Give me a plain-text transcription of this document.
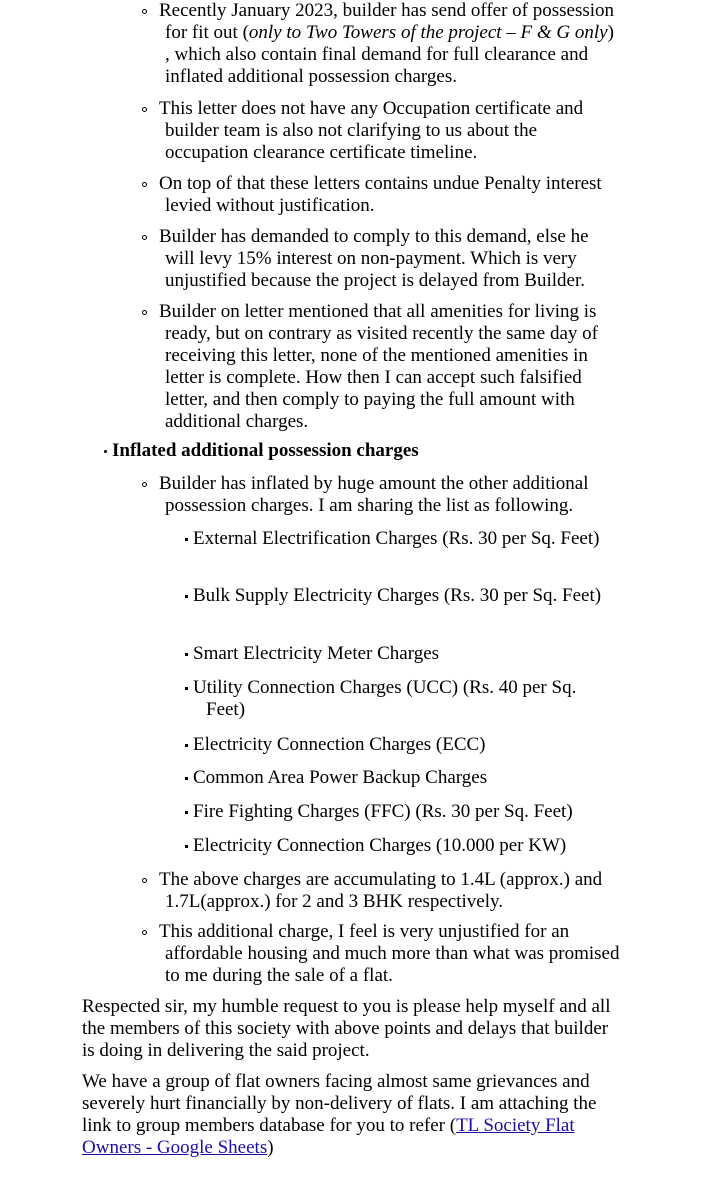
Recently January 2023, builder has send offer of possession for fit out (only to Two Towers of the project – F & G only) , which also contain final demand for full clearance and inflated additional possession charges.
This letter does not have any Occupation certificate and builder team is also not clarifying to us about the occupation clearance certificate timeline.
On top of that these letters contains undue Penalty interest levied without justification.
Builder has demanded to comply to this demand, else he will levy 15% interest on non-payment. Which is very unjustified because the project is delayed from Builder.
Builder on letter mentioned that all amenities for living is ready, but on contrary as visited recently the same day of receiving this letter, none of the mentioned amenities in letter is complete. How then I can accept such falsified letter, and then comply to paying the full amount with additional charges.
Inflated additional possession charges
Builder has inflated by huge amount the other additional possession charges. I am sharing the list as following.
External Electrification Charges (Rs. 30 per Sq. Feet)
Bulk Supply Electricity Charges (Rs. 30 per Sq. Feet)
Smart Electricity Meter Charges
Utility Connection Charges (UCC) (Rs. 40 per Sq. Feet)
Electricity Connection Charges (ECC)
Common Area Power Backup Charges
Fire Fighting Charges (FFC) (Rs. 30 per Sq. Feet)
Electricity Connection Charges (10.000 per KW)
The above charges are accumulating to 1.4L (approx.) and 1.7L(approx.) for 2 and 3 BHK respectively.
This additional charge, I feel is very unjustified for an affordable housing and much more than what was promised to me during the sale of a flat.
Respected sir, my humble request to you is please help myself and all the members of this society with above points and delays that builder is doing in delivering the said project.
We have a group of flat owners facing almost same grievances and severely hurt financially by non-delivery of flats. I am attaching the link to group members database for you to refer (TL Society Flat Owners - Google Sheets)
